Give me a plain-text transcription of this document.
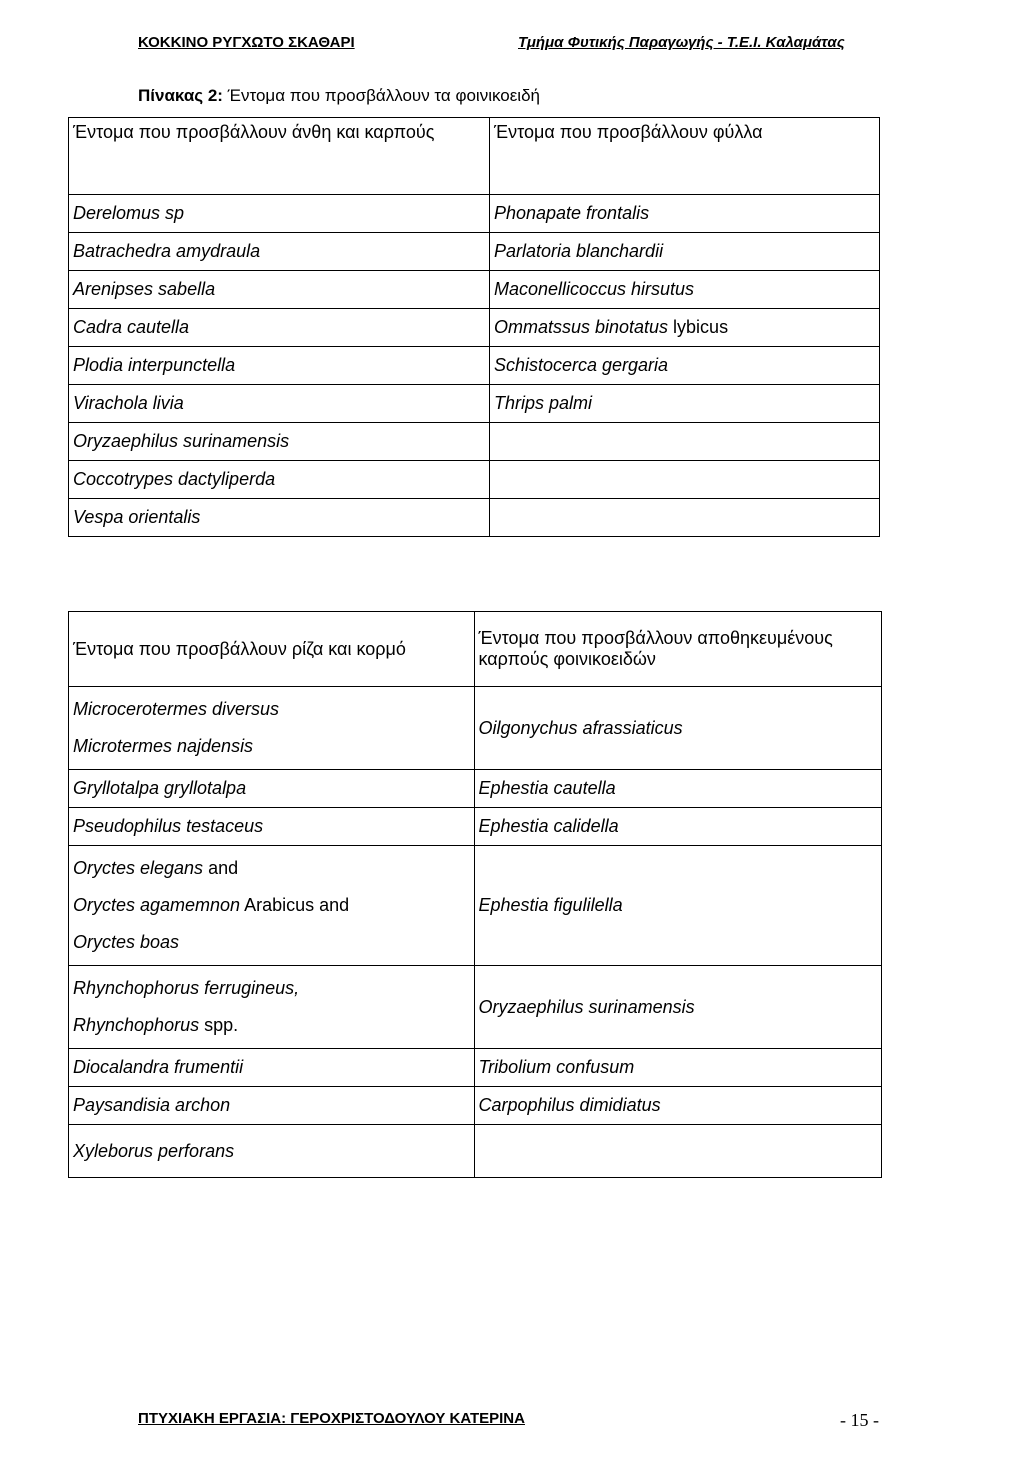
ΚΟΚΚΙΝΟ ΡΥΓΧΩΤΟ ΣΚΑΘΑΡΙ	Τμήμα Φυτικής Παραγωγής - Τ.Ε.Ι. Καλαμάτας
Πίνακας 2: Έντομα που προσβάλλουν τα φοινικοειδή
Έντομα που προσβάλλουν άνθη και καρπούς	Έντομα που προσβάλλουν φύλλα
Derelomus sp	Phonapate frontalis
Batrachedra amydraula	Parlatoria blanchardii
Arenipses sabella	Maconellicoccus hirsutus
Cadra cautella	Ommatssus binotatus lybicus
Plodia interpunctella	Schistocerca gergaria
Virachola livia	Thrips palmi
Oryzaephilus surinamensis	
Coccotrypes dactyliperda	
Vespa orientalis	
Έντομα που προσβάλλουν ρίζα και κορμό	Έντομα που προσβάλλουν αποθηκευμένους καρπούς φοινικοειδών

Microcerotermes diversus
Microtermes najdensis	Oilgonychus afrassiaticus
Gryllotalpa gryllotalpa	Ephestia cautella
Pseudophilus testaceus	Ephestia calidella

Oryctes elegans and
Oryctes agamemnon Arabicus and
Oryctes boas	Ephestia figulilella

Rhynchophorus ferrugineus,
Rhynchophorus spp.	Oryzaephilus surinamensis
Diocalandra frumentii	Tribolium confusum
Paysandisia archon	Carpophilus dimidiatus
Xyleborus perforans	
ΠΤΥΧΙΑΚΗ ΕΡΓΑΣΙΑ: ΓΕΡΟΧΡΙΣΤΟΔΟΥΛΟΥ ΚΑΤΕΡΙΝΑ	- 15 -
